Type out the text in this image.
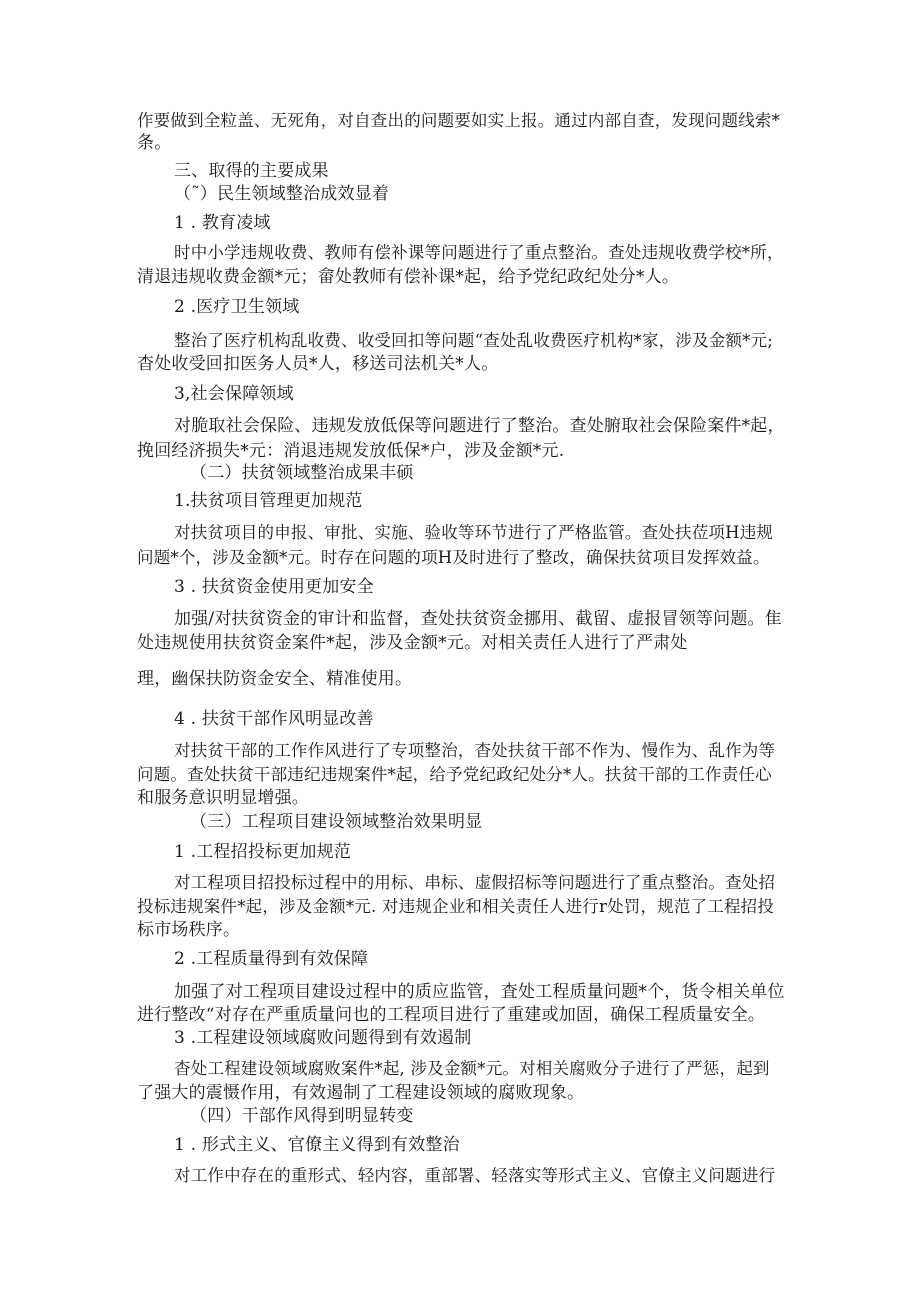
作要做到全粒盖、无死角，对自查出的问题要如实上报。通过内部自查，发现问题线索*
条。
三、取得的主要成果
（˜）民生领域整治成效显着
1 . 教育凌域
时中小学违规收费、教师有偿补课等问题进行了重点整治。查处违规收费学校*所，
清退违规收费金额*元；畲处教师有偿补课*起，给予党纪政纪处分*人。
2 .医疗卫生领域
整治了医疗机构乱收费、收受回扣等问题“查处乱收费医疗机构*家，涉及金额*元;
杳处收受回扣医务人员*人，移送司法机关*人。
3,社会保障领域
对脆取社会保险、违规发放低保等问题进行了整治。查处腑取社会保险案件*起，
挽回经济损失*元：消退违规发放低保*户，涉及金额*元.
（二）扶贫领域整治成果丰硕
1.扶贫项目管理更加规范
对扶贫项目的申报、审批、实施、验收等环节进行了严格监管。查处扶莅项H违规
问题*个，涉及金额*元。时存在问题的项H及时进行了整改，确保扶贫项目发挥效益。
3 . 扶贫资金使用更加安全
加强/对扶贫资金的审计和监督，查处扶贫资金挪用、截留、虚报冒领等问题。隹
处违规使用扶贫资金案件*起，涉及金额*元。对相关责任人进行了严肃处
理，幽保扶防资金安全、精准使用。
4 . 扶贫干部作风明显改善
对扶贫干部的工作作风进行了专项整治，杳处扶贫干部不作为、慢作为、乱作为等
问题。查处扶贫干部违纪违规案件*起，给予党纪政纪处分*人。扶贫干部的工作责任心
和服务意识明显增强。
（三）工程项目建设领域整治效果明显
1 .工程招投标更加规范
对工程项目招投标过程中的用标、串标、虚假招标等问题进行了重点整治。查处招
投标违规案件*起，涉及金额*元. 对违规企业和相关责任人进行r处罚，规范了工程招投
标市场秩序。
2 .工程质量得到有效保障
加强了对工程项目建设过程中的质应监管，査处工程质量问题*个，货令相关单位
进行整改“对存在严重质量问也的工程项目进行了重建或加固，确保工程质量安全。
3 .工程建设领域腐败问题得到有效遏制
杳处工程建设领域腐败案件*起, 涉及金额*元。对相关腐败分子进行了严惩，起到
了强大的震慑作用，有效遏制了工程建设领域的腐败现象。
（四）干部作风得到明显转变
1 . 形式主义、官僚主义得到有效整治
对工作中存在的重形式、轻内容，重部署、轻落实等形式主义、官僚主义问题进行
